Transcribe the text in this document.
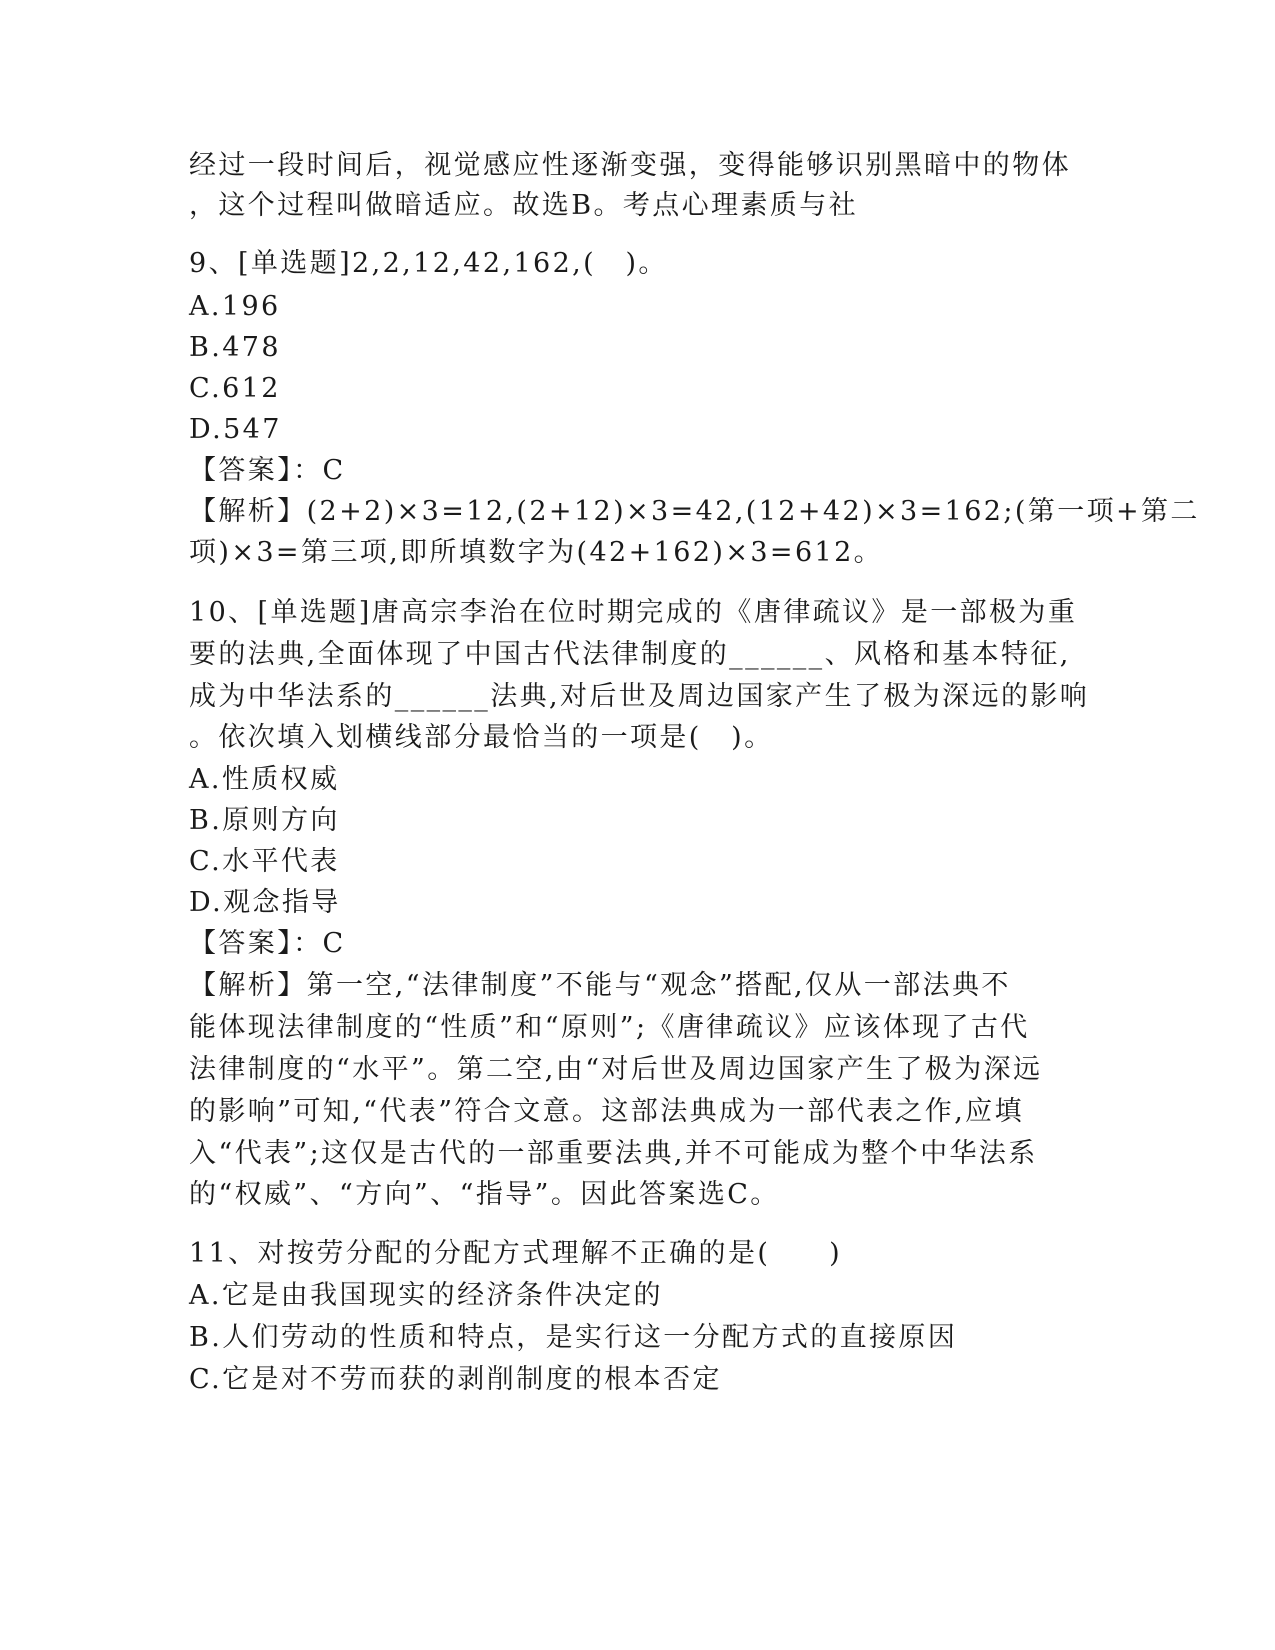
经过一段时间后，视觉感应性逐渐变强，变得能够识别黑暗中的物体
，这个过程叫做暗适应。故选B。考点心理素质与社
9、[单选题]2,2,12,42,162,(　)。
A.196
B.478
C.612
D.547
【答案】：C
【解析】(2+2)×3=12,(2+12)×3=42,(12+42)×3=162;(第一项+第二
项)×3=第三项,即所填数字为(42+162)×3=612。
10、[单选题]唐高宗李治在位时期完成的《唐律疏议》是一部极为重
要的法典,全面体现了中国古代法律制度的______、风格和基本特征,
成为中华法系的______法典,对后世及周边国家产生了极为深远的影响
。依次填入划横线部分最恰当的一项是(　)。
A.性质权威
B.原则方向
C.水平代表
D.观念指导
【答案】：C
【解析】第一空,“法律制度”不能与“观念”搭配,仅从一部法典不
能体现法律制度的“性质”和“原则”;《唐律疏议》应该体现了古代
法律制度的“水平”。第二空,由“对后世及周边国家产生了极为深远
的影响”可知,“代表”符合文意。这部法典成为一部代表之作,应填
入“代表”;这仅是古代的一部重要法典,并不可能成为整个中华法系
的“权威”、“方向”、“指导”。因此答案选C。
11、对按劳分配的分配方式理解不正确的是(　　)
A.它是由我国现实的经济条件决定的
B.人们劳动的性质和特点，是实行这一分配方式的直接原因
C.它是对不劳而获的剥削制度的根本否定
